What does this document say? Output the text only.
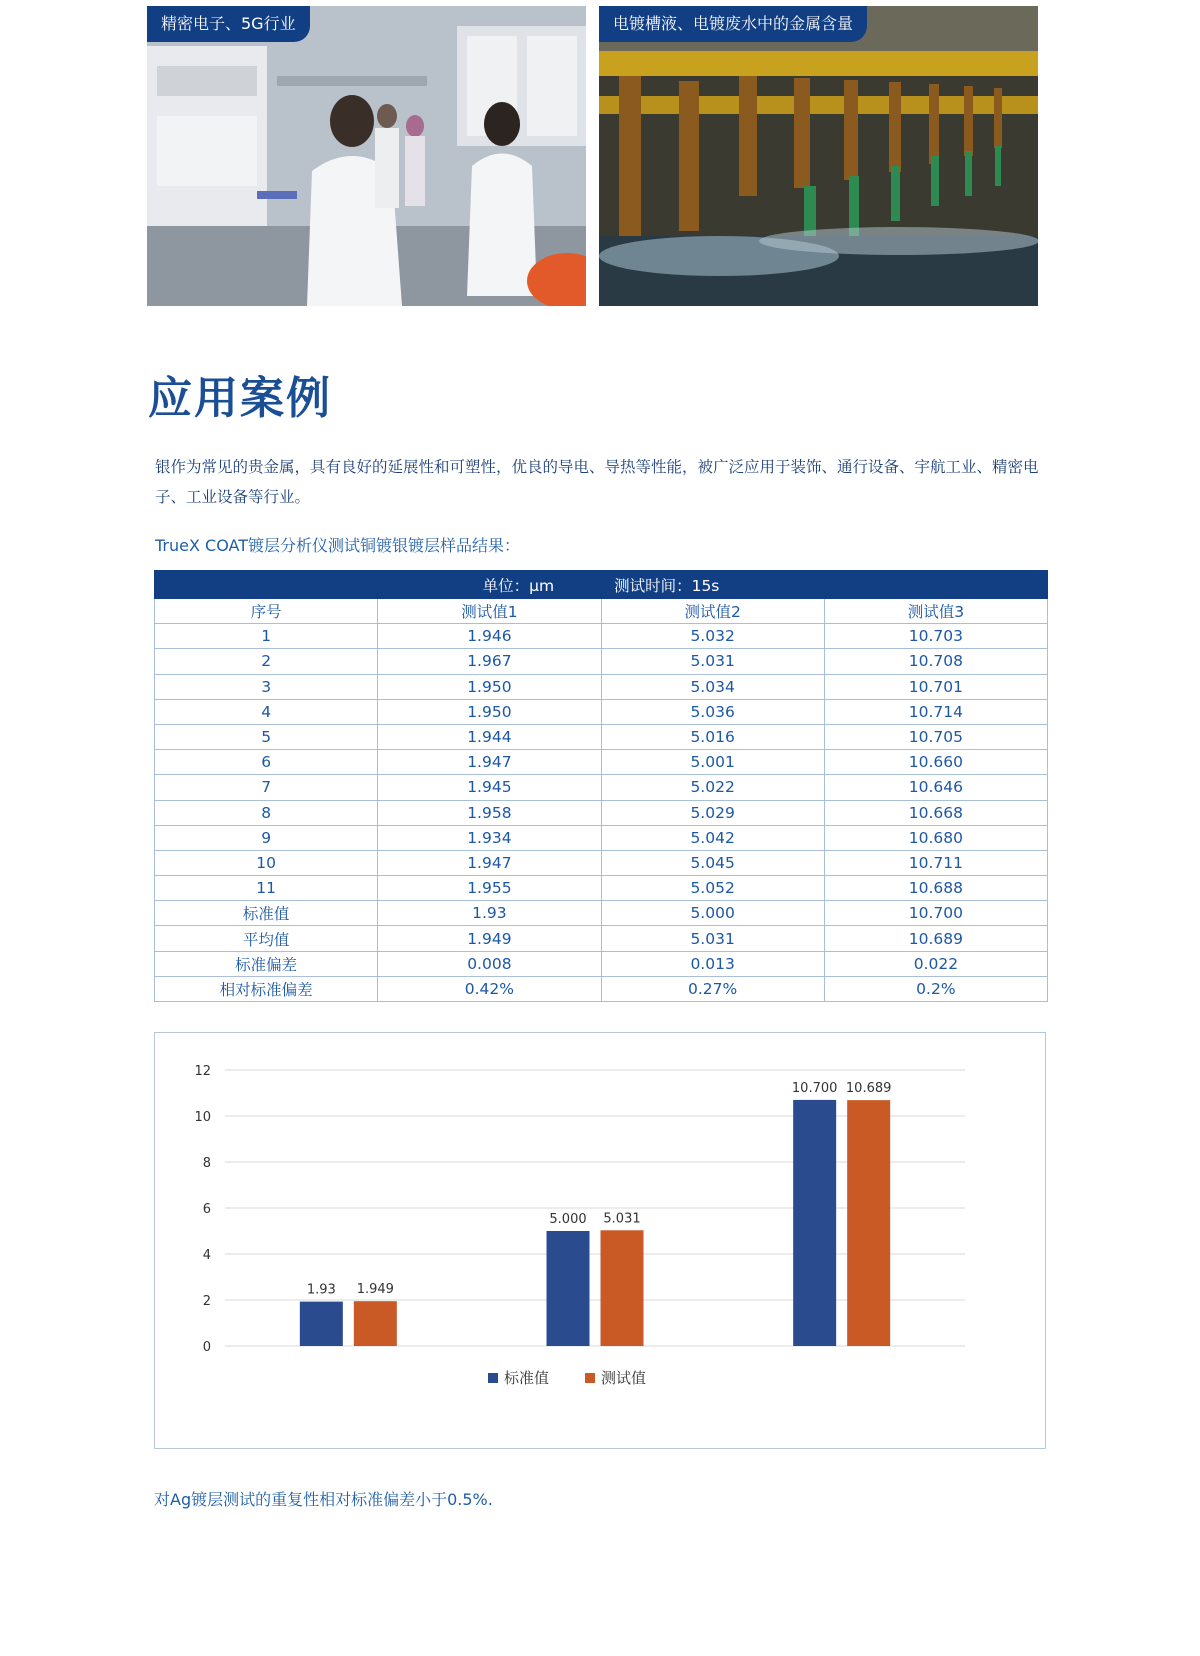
精密电子、5G行业	电镀槽液、电镀废水中的金属含量
应用案例

银作为常见的贵金属，具有良好的延展性和可塑性，优良的导电、导热等性能，被广泛应用于装饰、通行设备、宇航工业、精密电子、工业设备等行业。

TrueX COAT镀层分析仪测试铜镀银镀层样品结果：

单位：μm 测试时间：15s			
序号	测试值1	测试值2	测试值3
1	1.946	5.032	10.703
2	1.967	5.031	10.708
3	1.950	5.034	10.701
4	1.950	5.036	10.714
5	1.944	5.016	10.705
6	1.947	5.001	10.660
7	1.945	5.022	10.646
8	1.958	5.029	10.668
9	1.934	5.042	10.680
10	1.947	5.045	10.711
11	1.955	5.052	10.688
标准值	1.93	5.000	10.700
平均值	1.949	5.031	10.689
标准偏差	0.008	0.013	0.022
相对标准偏差	0.42%	0.27%	0.2%
0
2
4
6
8
10
12
1.93
5.000
10.700
1.949
5.031
10.689
标准值	测试值

对Ag镀层测试的重复性相对标准偏差小于0.5%.
